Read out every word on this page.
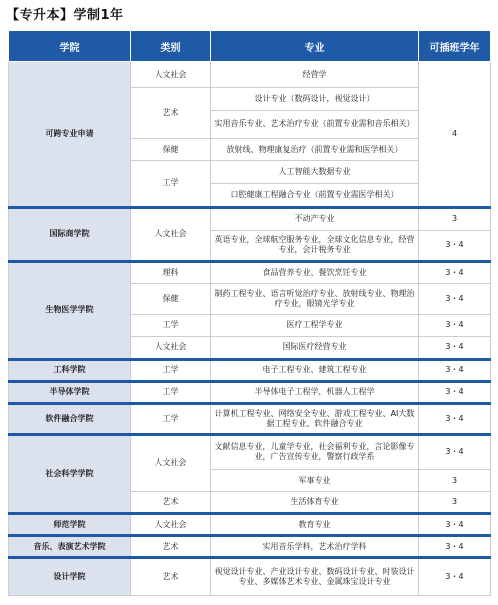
【专升本】学制1年
学院	类别	专业	可插班学年
可跨专业申请	人文社会	经营学	4
	艺术	设计专业（数码设计，视觉设计）	
		实用音乐专业、艺术治疗专业（前置专业需和音乐相关）	
	保健	放射线、物理康复治疗（前置专业需和医学相关）	
	工学	人工智能大数据专业	
		口腔健康工程融合专业（前置专业需医学相关）	
国际商学院	人文社会	不动产专业	3
		英语专业，全球航空服务专业，全球文化信息专业，经营专业，会计税务专业	3・4
生物医学学院	理科	食品营养专业、餐饮烹饪专业	3・4
	保健	制药工程专业、语言听觉治疗专业、放射线专业、物理治疗专业，眼镜光学专业	3・4
	工学	医疗工程学专业	3・4
	人文社会	国际医疗经营专业	3・4
工科学院	工学	电子工程专业、建筑工程专业	3・4
半导体学院	工学	半导体电子工程学，机器人工程学	3・4
软件融合学院	工学	计算机工程专业、网络安全专业、游戏工程专业、AI大数据工程专业、软件融合专业	3・4
社会科学学院	人文社会	文献信息专业，儿童学专业，社会福利专业，言论影像专业，广告宣传专业，警察行政学系	3・4
		军事专业	3
	艺术	生活体育专业	3
师范学院	人文社会	教育专业	3・4
音乐、表演艺术学院	艺术	实用音乐学科，艺术治疗学科	3・4
设计学院	艺术	视觉设计专业、产业设计专业、数码设计专业、时装设计专业、多媒体艺术专业、金属珠宝设计专业	3・4
